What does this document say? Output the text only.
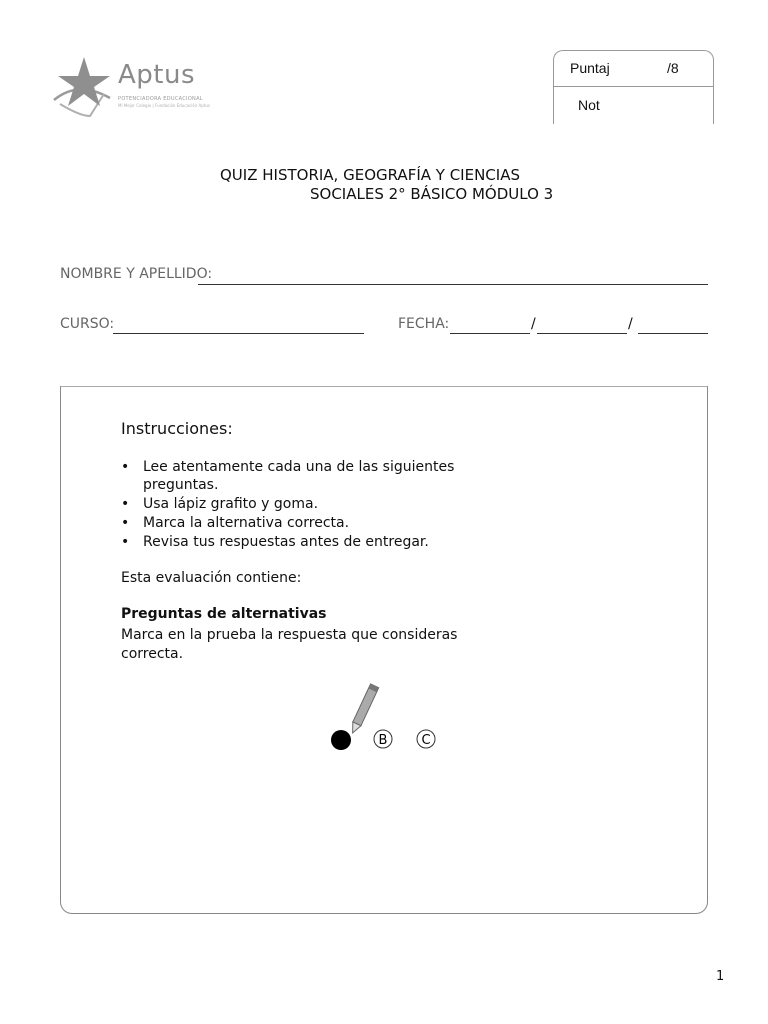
Aptus
POTENCIADORA EDUCACIONAL
Mi Mejor Colegio | Fundación Educación Aptus
Puntaj	/8
Not
QUIZ HISTORIA, GEOGRAFÍA Y CIENCIAS
SOCIALES 2° BÁSICO MÓDULO 3
NOMBRE Y APELLIDO:
CURSO:	FECHA:	/	/
Instrucciones:
• Lee atentamente cada una de las siguientes preguntas.
• Usa lápiz grafito y goma.
• Marca la alternativa correcta.
• Revisa tus respuestas antes de entregar.
Esta evaluación contiene:
Preguntas de alternativas
Marca en la prueba la respuesta que consideras correcta.
B	C
1
